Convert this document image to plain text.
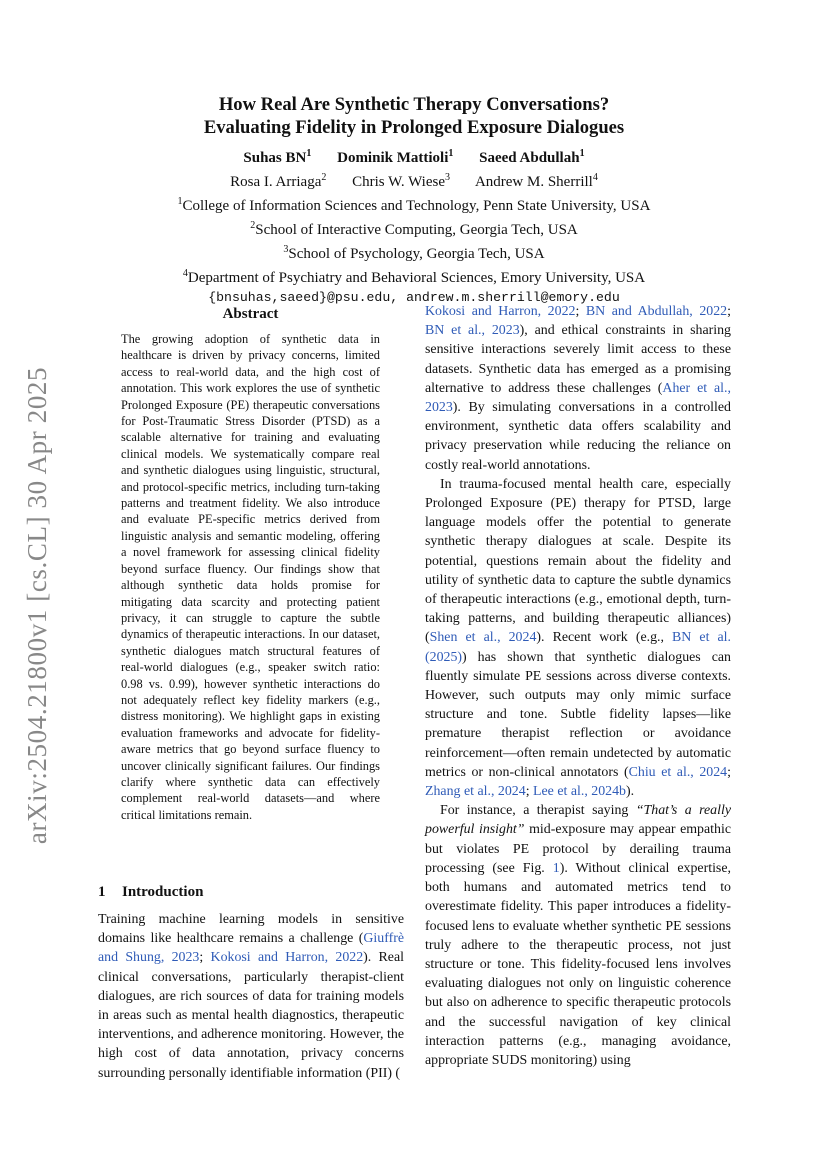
arXiv:2504.21800v1 [cs.CL] 30 Apr 2025
How Real Are Synthetic Therapy Conversations?
Evaluating Fidelity in Prolonged Exposure Dialogues
Suhas $BN^1$ Dominik Mattioli$^1$ Saeed Abdullah$^1$
Rosa I. Arriaga$^2$ Chris W. Wiese$^3$ Andrew M. Sherrill$^4$
$^1$College of Information Sciences and Technology, Penn State University, USA
$^2$School of Interactive Computing, Georgia Tech, USA
$^3$School of Psychology, Georgia Tech, USA
$^4$Department of Psychiatry and Behavioral Sciences, Emory University, USA
{bnsuhas,saeed}@psu.edu, andrew.m.sherrill@emory.edu
Abstract

The growing adoption of synthetic data in healthcare is driven by privacy concerns, limited access to real-world data, and the high cost of annotation. This work explores the use of synthetic Prolonged Exposure (PE) therapeutic conversations for Post-Traumatic Stress Disorder (PTSD) as a scalable alternative for training and evaluating clinical models. We systematically compare real and synthetic dialogues using linguistic, structural, and protocol-specific metrics, including turn-taking patterns and treatment fidelity. We also introduce and evaluate PE-specific metrics derived from linguistic analysis and semantic modeling, offering a novel framework for assessing clinical fidelity beyond surface fluency. Our findings show that although synthetic data holds promise for mitigating data scarcity and protecting patient privacy, it can struggle to capture the subtle dynamics of therapeutic interactions. In our dataset, synthetic dialogues match structural features of real-world dialogues (e.g., speaker switch ratio: 0.98 vs. 0.99), however synthetic interactions do not adequately reflect key fidelity markers (e.g., distress monitoring). We highlight gaps in existing evaluation frameworks and advocate for fidelity-aware metrics that go beyond surface fluency to uncover clinically significant failures. Our findings clarify where synthetic data can effectively complement real-world datasets—and where critical limitations remain.

1 Introduction

Training machine learning models in sensitive domains like healthcare remains a challenge (Giuffrè and Shung, 2023; Kokosi and Harron, 2022). Real clinical conversations, particularly therapist-client dialogues, are rich sources of data for training models in areas such as mental health diagnostics, therapeutic interventions, and adherence monitoring. However, the high cost of data annotation, privacy concerns surrounding personally identifiable information (PII) (

Kokosi and Harron, 2022; BN and Abdullah, 2022; BN et al., 2023), and ethical constraints in sharing sensitive interactions severely limit access to these datasets. Synthetic data has emerged as a promising alternative to address these challenges (Aher et al., 2023). By simulating conversations in a controlled environment, synthetic data offers scalability and privacy preservation while reducing the reliance on costly real-world annotations.

In trauma-focused mental health care, especially Prolonged Exposure (PE) therapy for PTSD, large language models offer the potential to generate synthetic therapy dialogues at scale. Despite its potential, questions remain about the fidelity and utility of synthetic data to capture the subtle dynamics of therapeutic interactions (e.g., emotional depth, turn-taking patterns, and building therapeutic alliances) (Shen et al., 2024). Recent work (e.g., BN et al. (2025)) has shown that synthetic dialogues can fluently simulate PE sessions across diverse contexts. However, such outputs may only mimic surface structure and tone. Subtle fidelity lapses—like premature therapist reflection or avoidance reinforcement—often remain undetected by automatic metrics or non-clinical annotators (Chiu et al., 2024; Zhang et al., 2024; Lee et al., 2024b).

For instance, a therapist saying “That’s a really powerful insight” mid-exposure may appear empathic but violates PE protocol by derailing trauma processing (see Fig. 1). Without clinical expertise, both humans and automated metrics tend to overestimate fidelity. This paper introduces a fidelity-focused lens to evaluate whether synthetic PE sessions truly adhere to the therapeutic process, not just structure or tone. This fidelity-focused lens involves evaluating dialogues not only on linguistic coherence but also on adherence to specific therapeutic protocols and the successful navigation of key clinical interaction patterns (e.g., managing avoidance, appropriate SUDS monitoring) using
